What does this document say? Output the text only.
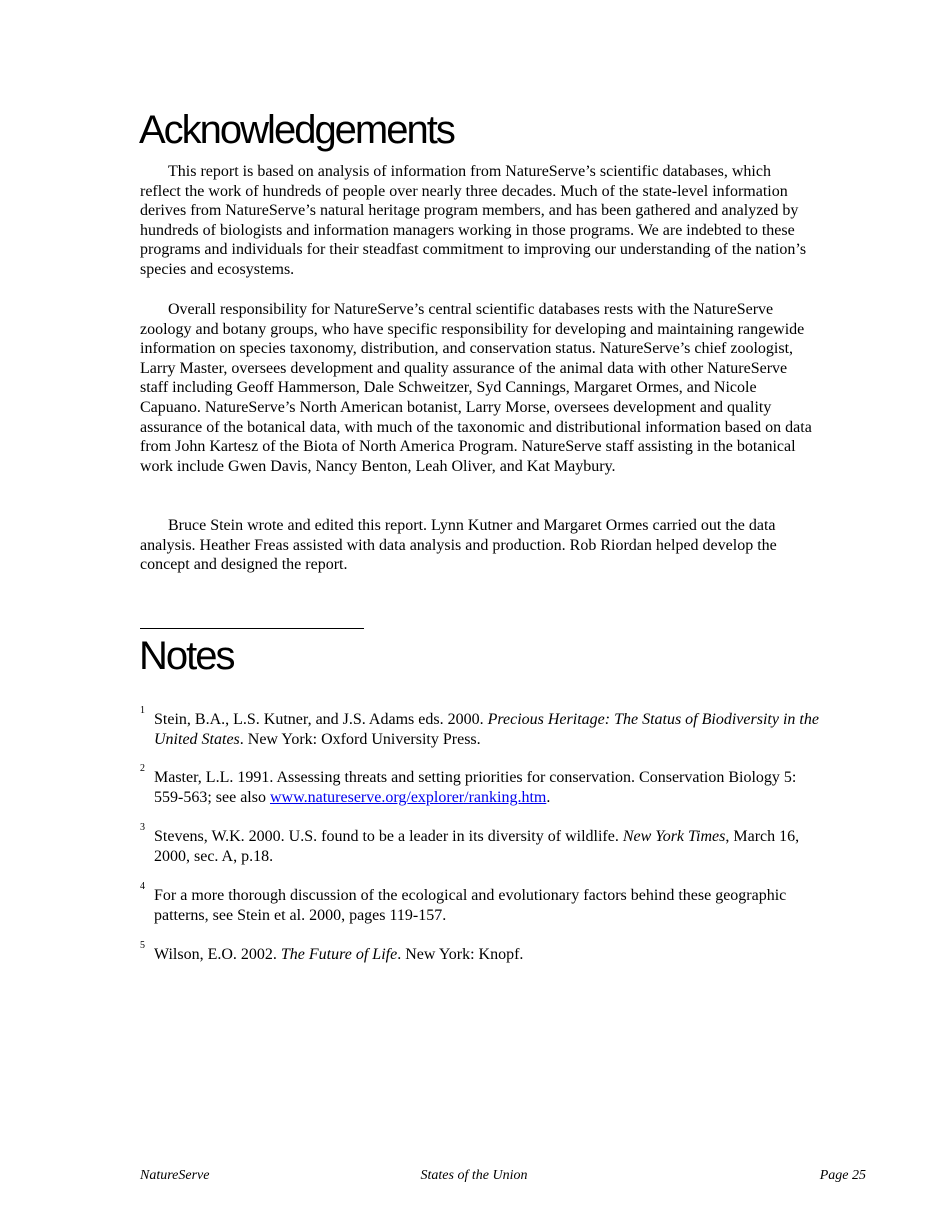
Acknowledgements

This report is based on analysis of information from NatureServe’s scientific databases, which reflect the work of hundreds of people over nearly three decades. Much of the state-level information derives from NatureServe’s natural heritage program members, and has been gathered and analyzed by hundreds of biologists and information managers working in those programs. We are indebted to these programs and individuals for their steadfast commitment to improving our understanding of the nation’s species and ecosystems.

Overall responsibility for NatureServe’s central scientific databases rests with the NatureServe zoology and botany groups, who have specific responsibility for developing and maintaining rangewide information on species taxonomy, distribution, and conservation status. NatureServe’s chief zoologist, Larry Master, oversees development and quality assurance of the animal data with other NatureServe staff including Geoff Hammerson, Dale Schweitzer, Syd Cannings, Margaret Ormes, and Nicole Capuano. NatureServe’s North American botanist, Larry Morse, oversees development and quality assurance of the botanical data, with much of the taxonomic and distributional information based on data from John Kartesz of the Biota of North America Program. NatureServe staff assisting in the botanical work include Gwen Davis, Nancy Benton, Leah Oliver, and Kat Maybury.

Bruce Stein wrote and edited this report. Lynn Kutner and Margaret Ormes carried out the data analysis. Heather Freas assisted with data analysis and production. Rob Riordan helped develop the concept and designed the report.

Notes
1
Stein, B.A., L.S. Kutner, and J.S. Adams eds. 2000. Precious Heritage: The Status of Biodiversity in the United States. New York: Oxford University Press.
2
Master, L.L. 1991. Assessing threats and setting priorities for conservation. Conservation Biology 5: 559-563; see also www.natureserve.org/explorer/ranking.htm.
3
Stevens, W.K. 2000. U.S. found to be a leader in its diversity of wildlife. New York Times, March 16, 2000, sec. A, p.18.
4
For a more thorough discussion of the ecological and evolutionary factors behind these geographic patterns, see Stein et al. 2000, pages 119-157.
5
Wilson, E.O. 2002. The Future of Life. New York: Knopf.
NatureServe	States of the Union	Page 25
